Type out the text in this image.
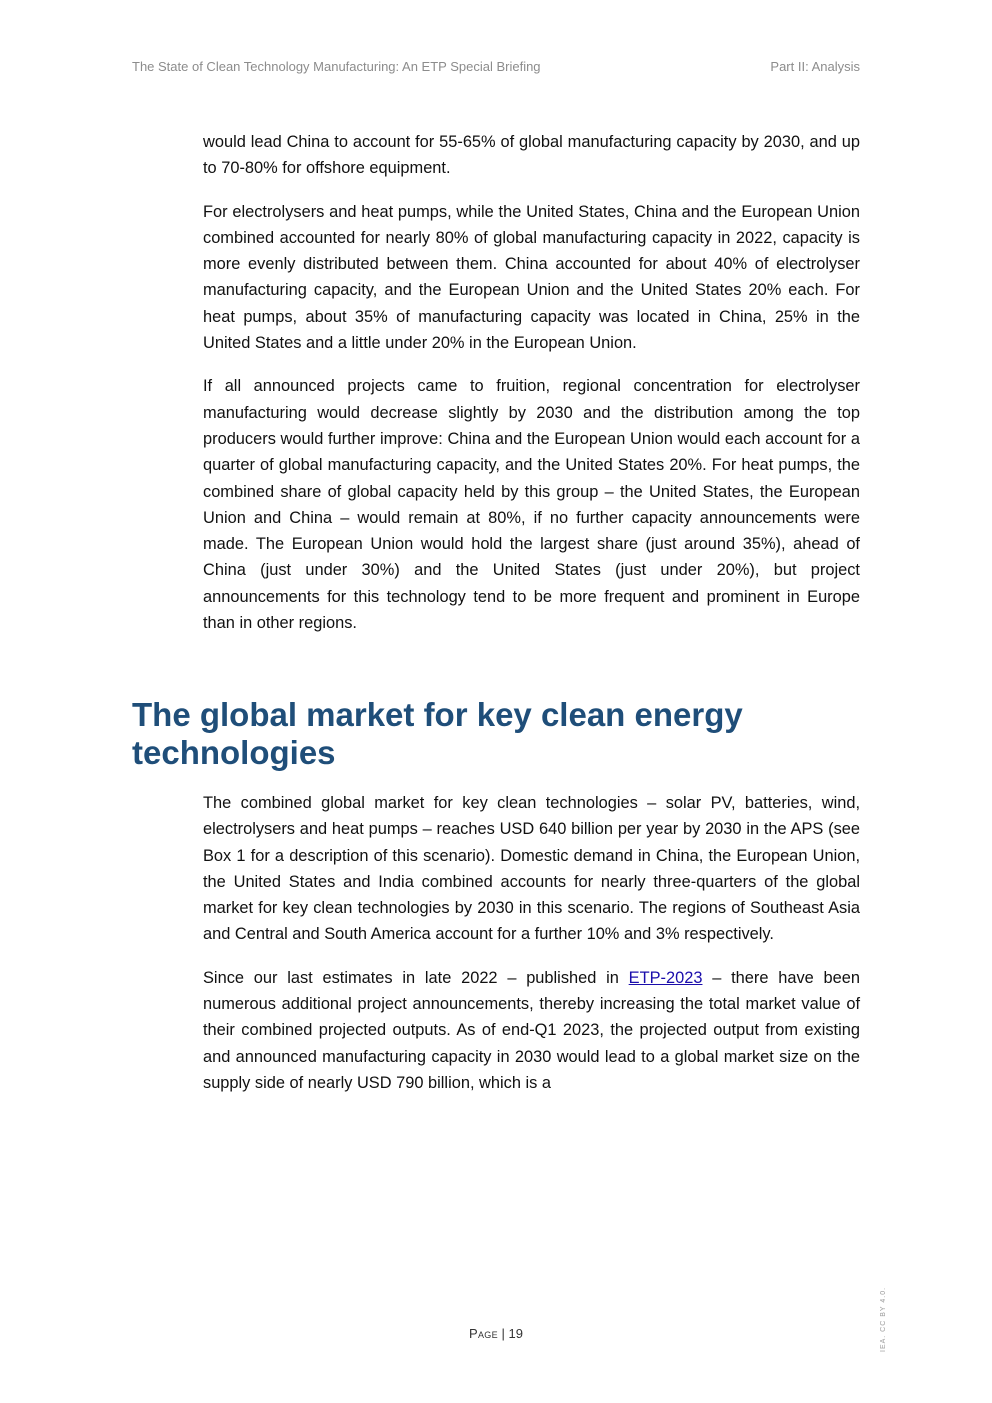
The State of Clean Technology Manufacturing: An ETP Special Briefing	Part II: Analysis

would lead China to account for 55-65% of global manufacturing capacity by 2030, and up to 70-80% for offshore equipment.

For electrolysers and heat pumps, while the United States, China and the European Union combined accounted for nearly 80% of global manufacturing capacity in 2022, capacity is more evenly distributed between them. China accounted for about 40% of electrolyser manufacturing capacity, and the European Union and the United States 20% each. For heat pumps, about 35% of manufacturing capacity was located in China, 25% in the United States and a little under 20% in the European Union.

If all announced projects came to fruition, regional concentration for electrolyser manufacturing would decrease slightly by 2030 and the distribution among the top producers would further improve: China and the European Union would each account for a quarter of global manufacturing capacity, and the United States 20%. For heat pumps, the combined share of global capacity held by this group – the United States, the European Union and China – would remain at 80%, if no further capacity announcements were made. The European Union would hold the largest share (just around 35%), ahead of China (just under 30%) and the United States (just under 20%), but project announcements for this technology tend to be more frequent and prominent in Europe than in other regions.

The global market for key clean energy technologies

The combined global market for key clean technologies – solar PV, batteries, wind, electrolysers and heat pumps – reaches USD 640 billion per year by 2030 in the APS (see Box 1 for a description of this scenario). Domestic demand in China, the European Union, the United States and India combined accounts for nearly three-quarters of the global market for key clean technologies by 2030 in this scenario. The regions of Southeast Asia and Central and South America account for a further 10% and 3% respectively.

Since our last estimates in late 2022 – published in ETP-2023 – there have been numerous additional project announcements, thereby increasing the total market value of their combined projected outputs. As of end-Q1 2023, the projected output from existing and announced manufacturing capacity in 2030 would lead to a global market size on the supply side of nearly USD 790 billion, which is a

Page | 19	IEA. CC BY 4.0.
